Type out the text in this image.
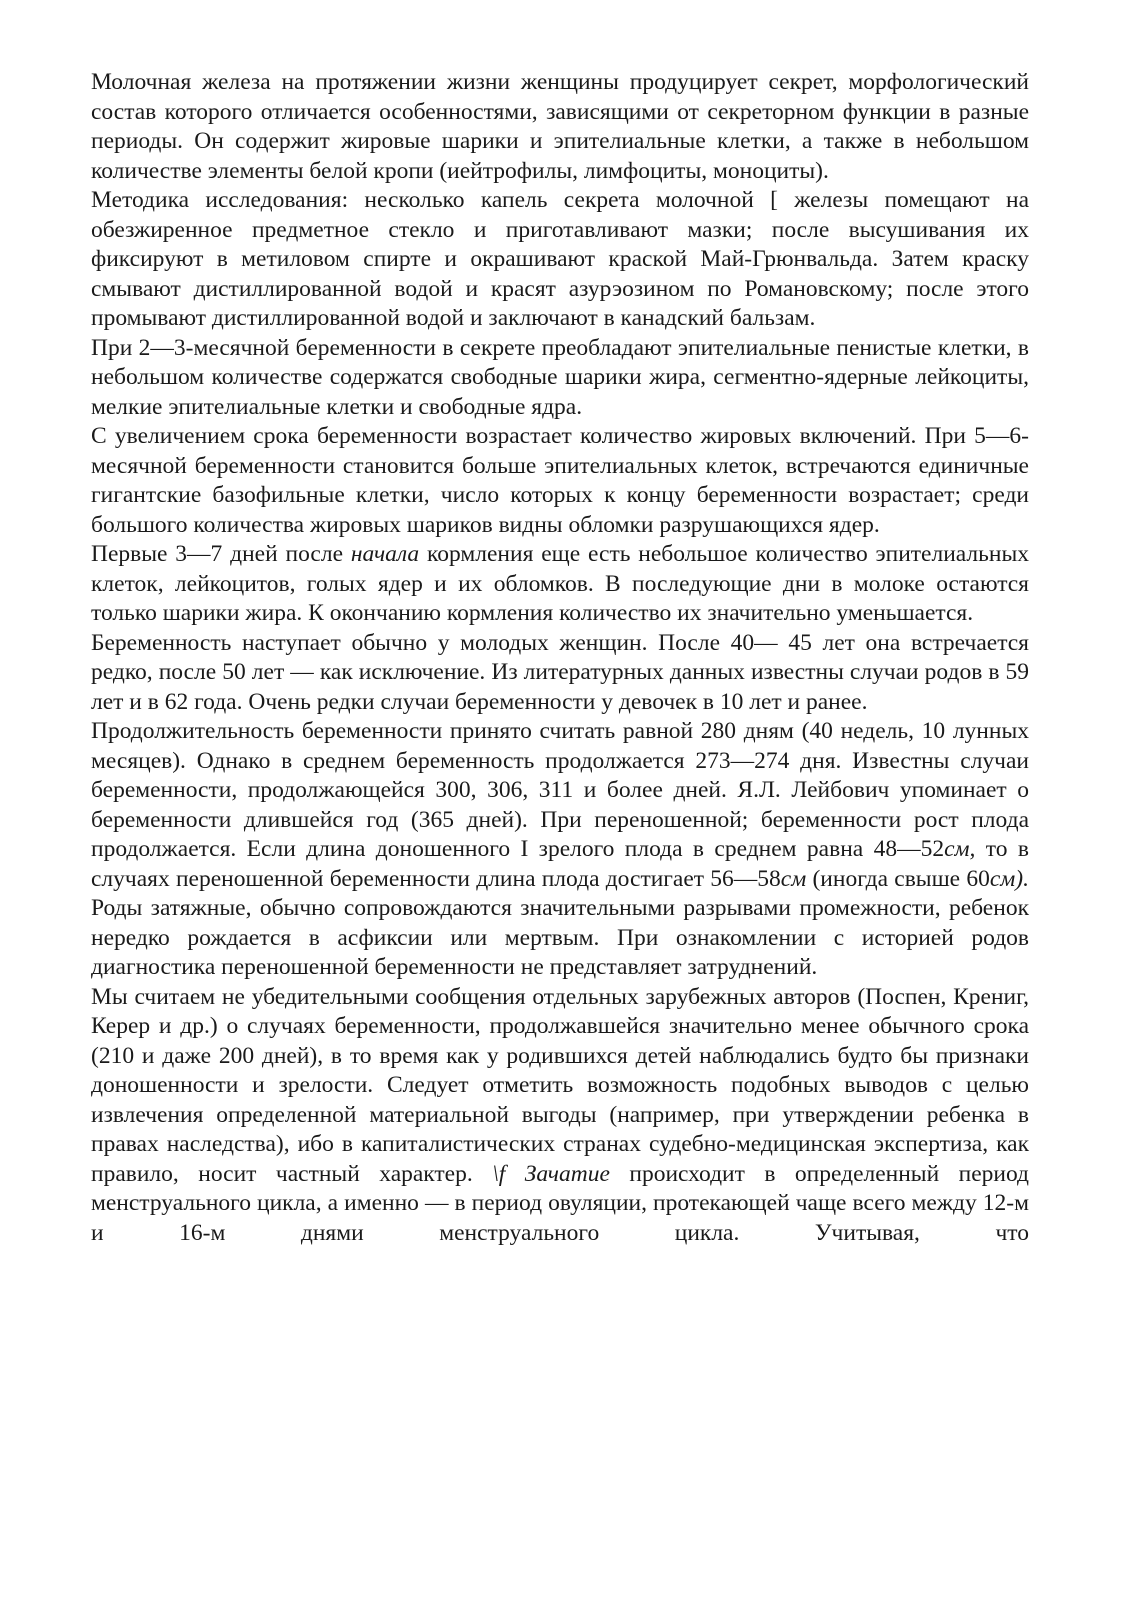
Молочная железа на протяжении жизни женщины продуцирует секрет, морфологический состав которого отличается особенностями, зависящими от секреторном функции в разные периоды. Он содержит жировые шарики и эпителиальные клетки, а также в небольшом количестве элементы белой кропи (иейтрофилы, лимфоциты, моноциты).

Методика исследования: несколько капель секрета молочной [ железы помещают на обезжиренное предметное стекло и приготавливают мазки; после высушивания их фиксируют в метиловом спирте и окрашивают краской Май-Грюнвальда. Затем краску смывают дистиллированной водой и красят азурэозином по Романовскому; после этого промывают дистиллированной водой и заключают в канадский бальзам.

При 2—3-месячной беременности в секрете преобладают эпителиальные пенистые клетки, в небольшом количестве содержатся свободные шарики жира, сегментно-ядерные лейкоциты, мелкие эпителиальные клетки и свободные ядра.

С увеличением срока беременности возрастает количество жировых включений. При 5—6-месячной беременности становится больше эпителиальных клеток, встречаются единичные гигантские базофильные клетки, число которых к концу беременности возрастает; среди большого количества жировых шариков видны обломки разрушающихся ядер.

Первые 3—7 дней после начала кормления еще есть небольшое количество эпителиальных клеток, лейкоцитов, голых ядер и их обломков. В последующие дни в молоке остаются только шарики жира. К окончанию кормления количество их значительно уменьшается.

Беременность наступает обычно у молодых женщин. После 40— 45 лет она встречается редко, после 50 лет — как исключение. Из литературных данных известны случаи родов в 59 лет и в 62 года. Очень редки случаи беременности у девочек в 10 лет и ранее.

Продолжительность беременности принято считать равной 280 дням (40 недель, 10 лунных месяцев). Однако в среднем беременность продолжается 273—274 дня. Известны случаи беременности, продолжающейся 300, 306, 311 и более дней. Я.Л. Лейбович упоминает о беременности длившейся год (365 дней). При переношенной; беременности рост плода продолжается. Если длина доношенного I зрелого плода в среднем равна 48—52см, то в случаях переношенной беременности длина плода достигает 56—58см (иногда свыше 60см). Роды затяжные, обычно сопровождаются значительными разрывами промежности, ребенок нередко рождается в асфиксии или мертвым. При ознакомлении с историей родов диагностика переношенной беременности не представляет затруднений.

Мы считаем не убедительными сообщения отдельных зарубежных авторов (Поспен, Крениг, Керер и др.) о случаях беременности, продолжавшейся значительно менее обычного срока (210 и даже 200 дней), в то время как у родившихся детей наблюдались будто бы признаки доношенности и зрелости. Следует отметить возможность подобных выводов с целью извлечения определенной материальной выгоды (например, при утверждении ребенка в правах наследства), ибо в капиталистических странах судебно-медицинская экспертиза, как правило, носит частный характер. \f Зачатие происходит в определенный период менструального цикла, а именно — в период овуляции, протекающей чаще всего между 12-м и 16-м днями менструального цикла. Учитывая, что
